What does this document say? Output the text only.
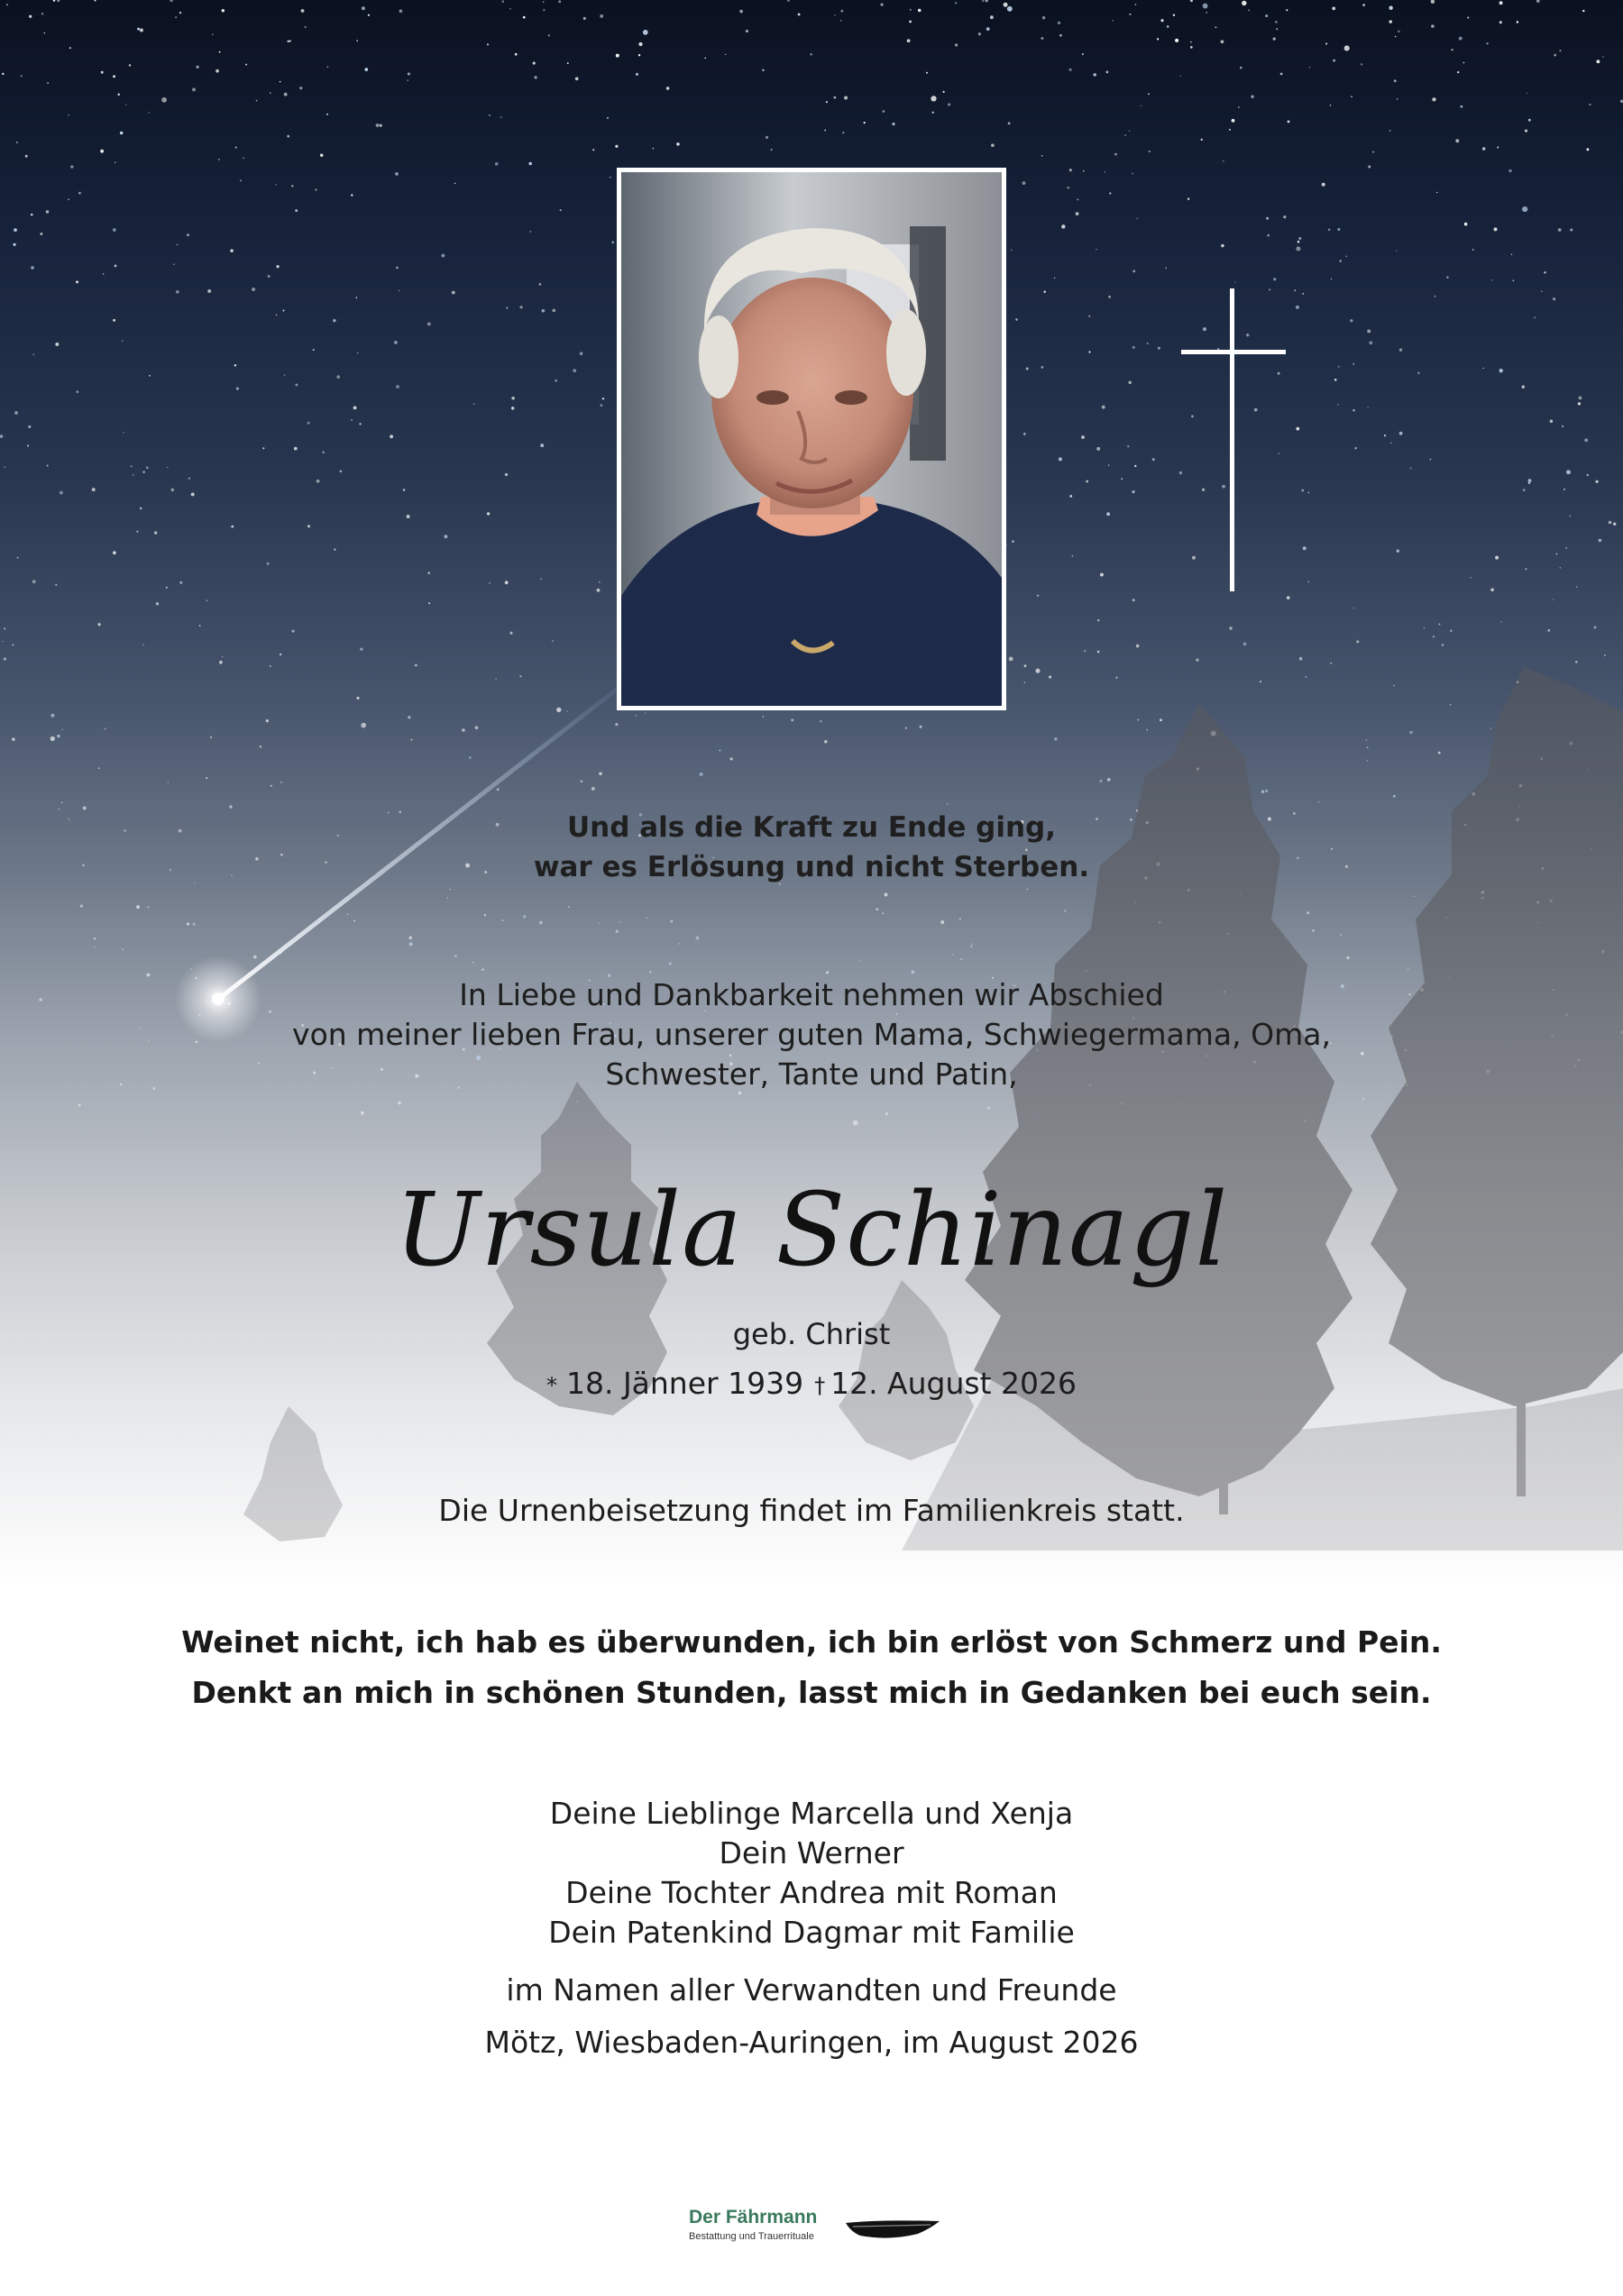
Und als die Kraft zu Ende ging,
war es Erlösung und nicht Sterben.
In Liebe und Dankbarkeit nehmen wir Abschied
von meiner lieben Frau, unserer guten Mama, Schwiegermama, Oma,
Schwester, Tante und Patin,
Ursula Schinagl
geb. Christ
* 18. Jänner 1939 † 12. August 2026
Die Urnenbeisetzung findet im Familienkreis statt.
Weinet nicht, ich hab es überwunden, ich bin erlöst von Schmerz und Pein.
Denkt an mich in schönen Stunden, lasst mich in Gedanken bei euch sein.
Deine Lieblinge Marcella und Xenja
Dein Werner
Deine Tochter Andrea mit Roman
Dein Patenkind Dagmar mit Familie
im Namen aller Verwandten und Freunde
Mötz, Wiesbaden-Auringen, im August 2026
Der Fährmann
Bestattung und Trauerrituale
